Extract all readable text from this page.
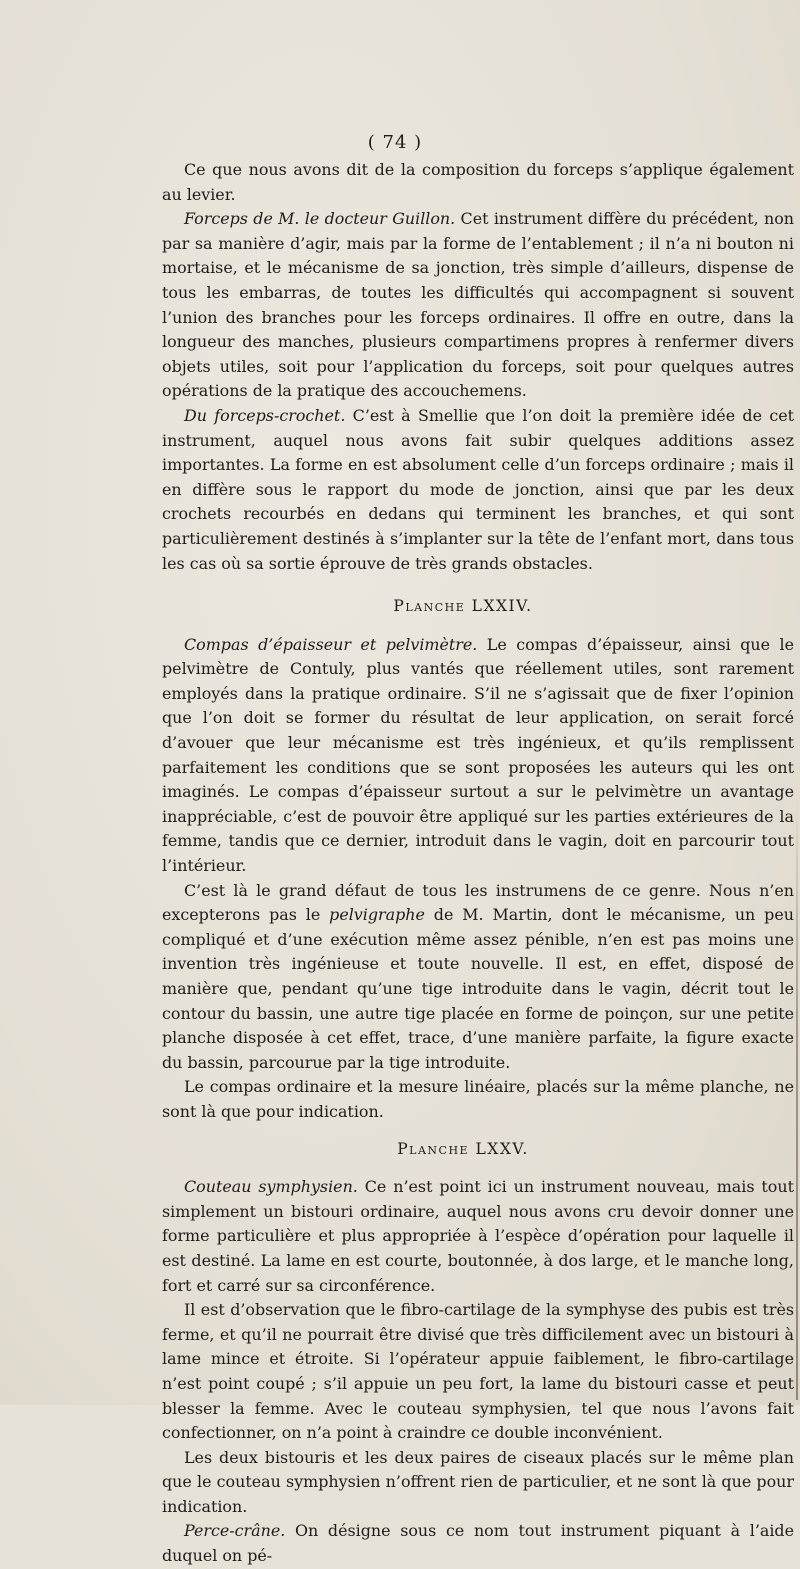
( 74 )

Ce que nous avons dit de la composition du forceps s’applique également au levier.

Forceps de M. le docteur Guillon. Cet instrument diffère du précédent, non par sa manière d’agir, mais par la forme de l’entablement ; il n’a ni bouton ni mortaise, et le mécanisme de sa jonction, très simple d’ailleurs, dispense de tous les embarras, de toutes les difficultés qui accompagnent si souvent l’union des branches pour les forceps ordinaires. Il offre en outre, dans la longueur des manches, plusieurs compartimens propres à renfermer divers objets utiles, soit pour l’application du forceps, soit pour quelques autres opérations de la pratique des accouchemens.

Du forceps-crochet. C’est à Smellie que l’on doit la première idée de cet instrument, auquel nous avons fait subir quelques additions assez importantes. La forme en est absolument celle d’un forceps ordinaire ; mais il en diffère sous le rapport du mode de jonction, ainsi que par les deux crochets recourbés en dedans qui terminent les branches, et qui sont particulièrement destinés à s’implanter sur la tête de l’enfant mort, dans tous les cas où sa sortie éprouve de très grands obstacles.

Planche LXXIV.

Compas d’épaisseur et pelvimètre. Le compas d’épaisseur, ainsi que le pelvimètre de Contuly, plus vantés que réellement utiles, sont rarement employés dans la pratique ordinaire. S’il ne s’agissait que de fixer l’opinion que l’on doit se former du résultat de leur application, on serait forcé d’avouer que leur mécanisme est très ingénieux, et qu’ils remplissent parfaitement les conditions que se sont proposées les auteurs qui les ont imaginés. Le compas d’épaisseur surtout a sur le pelvimètre un avantage inappréciable, c’est de pouvoir être appliqué sur les parties extérieures de la femme, tandis que ce dernier, introduit dans le vagin, doit en parcourir tout l’intérieur.

C’est là le grand défaut de tous les instrumens de ce genre. Nous n’en excepterons pas le pelvigraphe de M. Martin, dont le mécanisme, un peu compliqué et d’une exécution même assez pénible, n’en est pas moins une invention très ingénieuse et toute nouvelle. Il est, en effet, disposé de manière que, pendant qu’une tige introduite dans le vagin, décrit tout le contour du bassin, une autre tige placée en forme de poinçon, sur une petite planche disposée à cet effet, trace, d’une manière parfaite, la figure exacte du bassin, parcourue par la tige introduite.

Le compas ordinaire et la mesure linéaire, placés sur la même planche, ne sont là que pour indication.

Planche LXXV.

Couteau symphysien. Ce n’est point ici un instrument nouveau, mais tout simplement un bistouri ordinaire, auquel nous avons cru devoir donner une forme particulière et plus appropriée à l’espèce d’opération pour laquelle il est destiné. La lame en est courte, boutonnée, à dos large, et le manche long, fort et carré sur sa circonférence.

Il est d’observation que le fibro-cartilage de la symphyse des pubis est très ferme, et qu’il ne pourrait être divisé que très difficilement avec un bistouri à lame mince et étroite. Si l’opérateur appuie faiblement, le fibro-cartilage n’est point coupé ; s’il appuie un peu fort, la lame du bistouri casse et peut blesser la femme. Avec le couteau symphysien, tel que nous l’avons fait confectionner, on n’a point à craindre ce double inconvénient.

Les deux bistouris et les deux paires de ciseaux placés sur le même plan que le couteau symphysien n’offrent rien de particulier, et ne sont là que pour indication.

Perce-crâne. On désigne sous ce nom tout instrument piquant à l’aide duquel on pé-
